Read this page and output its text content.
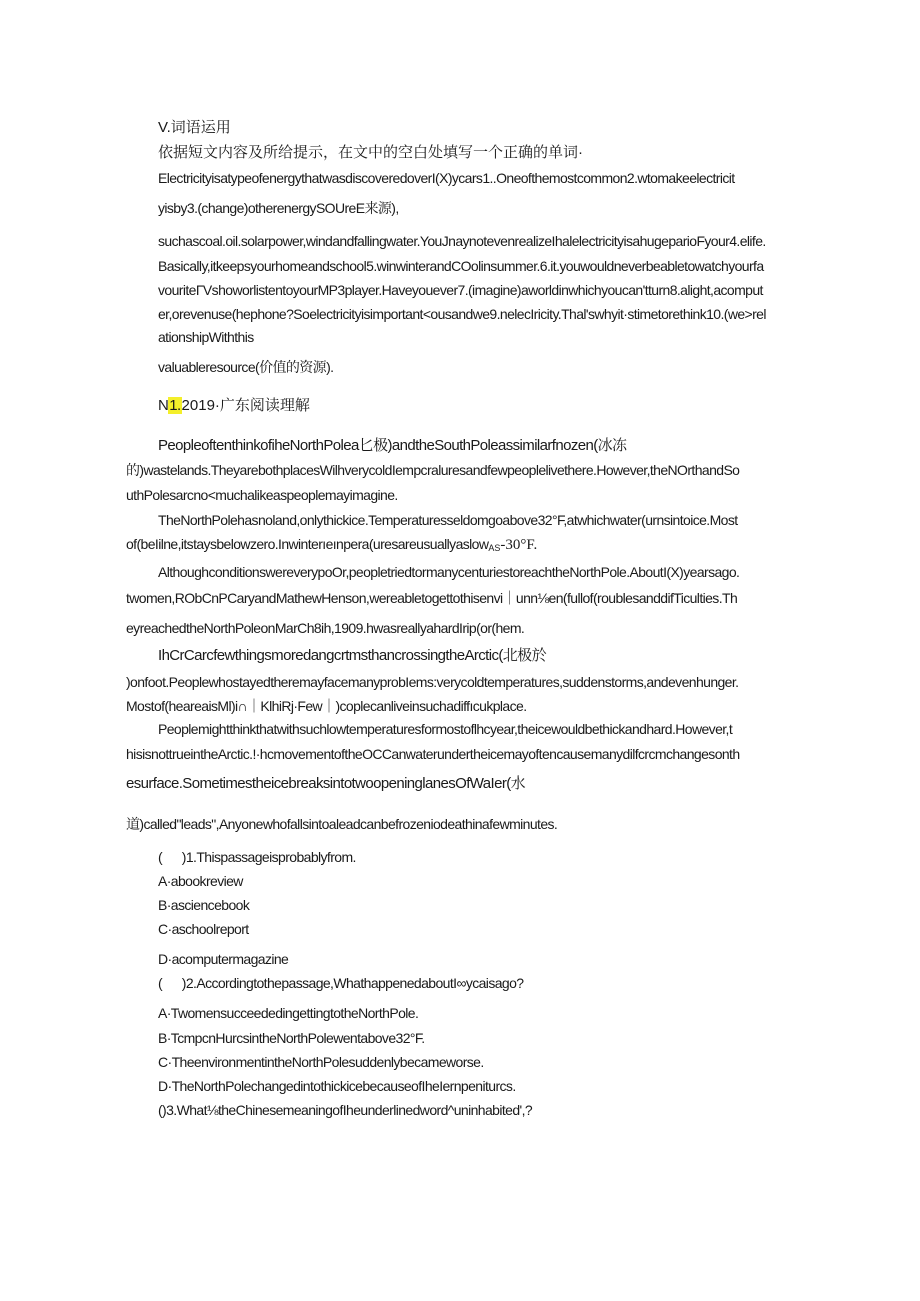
V.词语运用
依据短文内容及所给提示，在文中的空白处填写一个正确的单词·
ElectricityisatypeofenergythatwasdiscoveredoverI(X)ycars1..Oneofthemostcommon2.wtomakeelectricit
yisby3.(change)otherenergySOUreE来源),
suchascoal.oil.solarpower,windandfallingwater.YouJnaynotevenrealizeIhalelectricityisahugeparioFyour4.elife.
Basically,itkeepsyourhomeandschool5.winwinterandCOolinsummer.6.it.youwouldneverbeabletowatchyourfa
vouriteΓVshoworlistentoyourMP3player.Haveyouever7.(imagine)aworldinwhichyoucan'tturn8.alight,acomput
er,orevenuse(hephone?Soelectricityisimportant<ousandwe9.nelecIricity.Thal'swhyit·stimetorethink10.(we>rel
ationshipWiththis
valuableresource(价值的资源).
N1.2019·广东阅读理解
PeopleoftenthinkofiheNorthPolea匕极)andtheSouthPoleassimilarfnozen(冰冻
的)wastelands.TheyarebothplacesWilhverycoldIempcraluresandfewpeoplelivethere.However,theNOrthandSo
uthPolesarcno<muchalikeaspeoplemayimagine.
TheNorthPolehasnoland,onlythickice.Temperaturesseldomgoabove32°F,atwhichwater(urnsintoice.Most
of(beIilne,itstaysbelowzero.Inwinterıeınpera(uresareusuallyaslow$_{AS}$-30°F.
AlthoughconditionswereverypoOr,peopletriedtormanycenturiestoreachtheNorthPole.AboutI(X)yearsago.
twomen,RObCnPCaryandMathewHenson,wereabletogettothisenvi｜unn⅛en(fullof(roublesanddifTiculties.Th
eyreachedtheNorthPoleonMarCh8ih,1909.hwasreallyahardIrip(or(hem.
IhCrCarcfewthingsmoredangcrtmsthancrossingtheArctic(北极於
)onfoot.PeoplewhostayedtheremayfacemanyprobIems:verycoldtemperatures,suddenstorms,andevenhunger.
Mostof(heareaisMl)i∩｜KlhiRj·Few｜)coplecanliveinsuchadiffıcukplace.
Peoplemightthinkthatwithsuchlowtemperaturesformostoflhcyear,theicewouldbethickandhard.However,t
hisisnottrueintheArctic.!·hcmovementoftheOCCanwaterundertheicemayoftencausemanydilfcrcmchangesonth
esurface.SometimestheicebreaksintotwoopeninglanesOfWaIer(水
道)called"leads",Anyonewhofallsintoaleadcanbefrozeniodeathinafewminutes.
(      )1.Thispassageisprobablyfrom.
A·abookreview
B·asciencebook
C·aschoolreport
D·acomputermagazine
(      )2.Accordingtothepassage,WhathappenedaboutI∞ycaisago?
A·TwomensucceededingettingtotheNorthPole.
B·TcmpcnHurcsintheNorthPolewentabove32°F.
C·TheenvironmentintheNorthPolesuddenlybecameworse.
D·TheNorthPolechangedintothickicebecauseofIheIernpeniturcs.
()3.What⅛theChinesemeaningofIheunderlinedword^uninhabited',?
